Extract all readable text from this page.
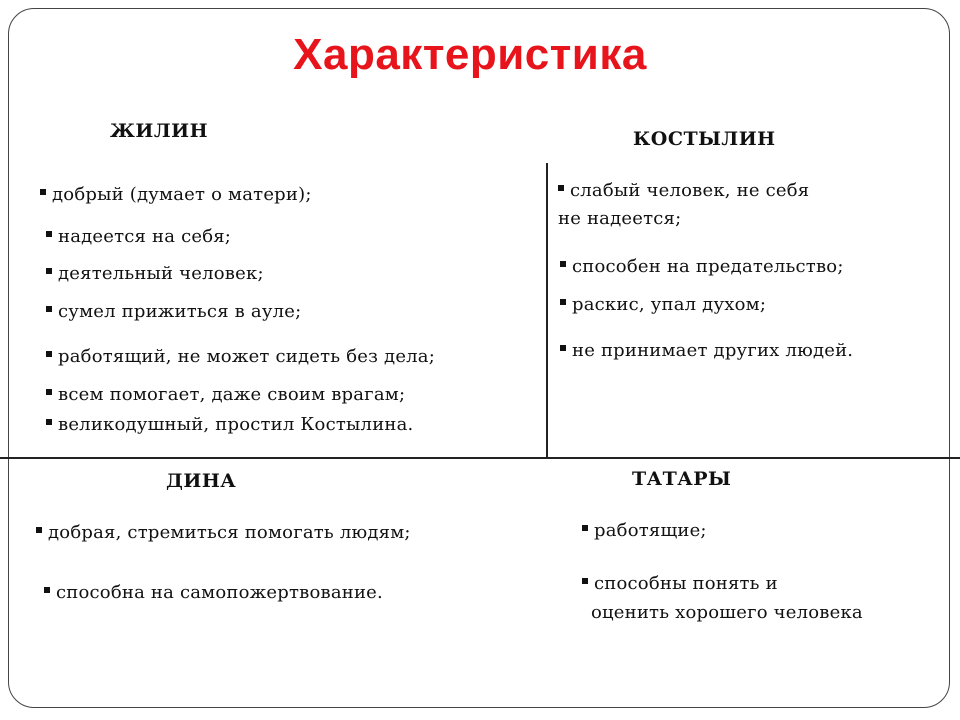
Характеристика
ЖИЛИН
добрый (думает о матери);
надеется на себя;
деятельный человек;
сумел прижиться в ауле;
работящий, не может сидеть без дела;
всем помогает, даже своим врагам;
великодушный, простил Костылина.
КОСТЫЛИН
слабый человек, не себя
не надеется;
способен на предательство;
раскис, упал духом;
не принимает других людей.
ДИНА
добрая, стремиться помогать людям;
способна на самопожертвование.
ТАТАРЫ
работящие;
способны понять и
оценить хорошего человека
